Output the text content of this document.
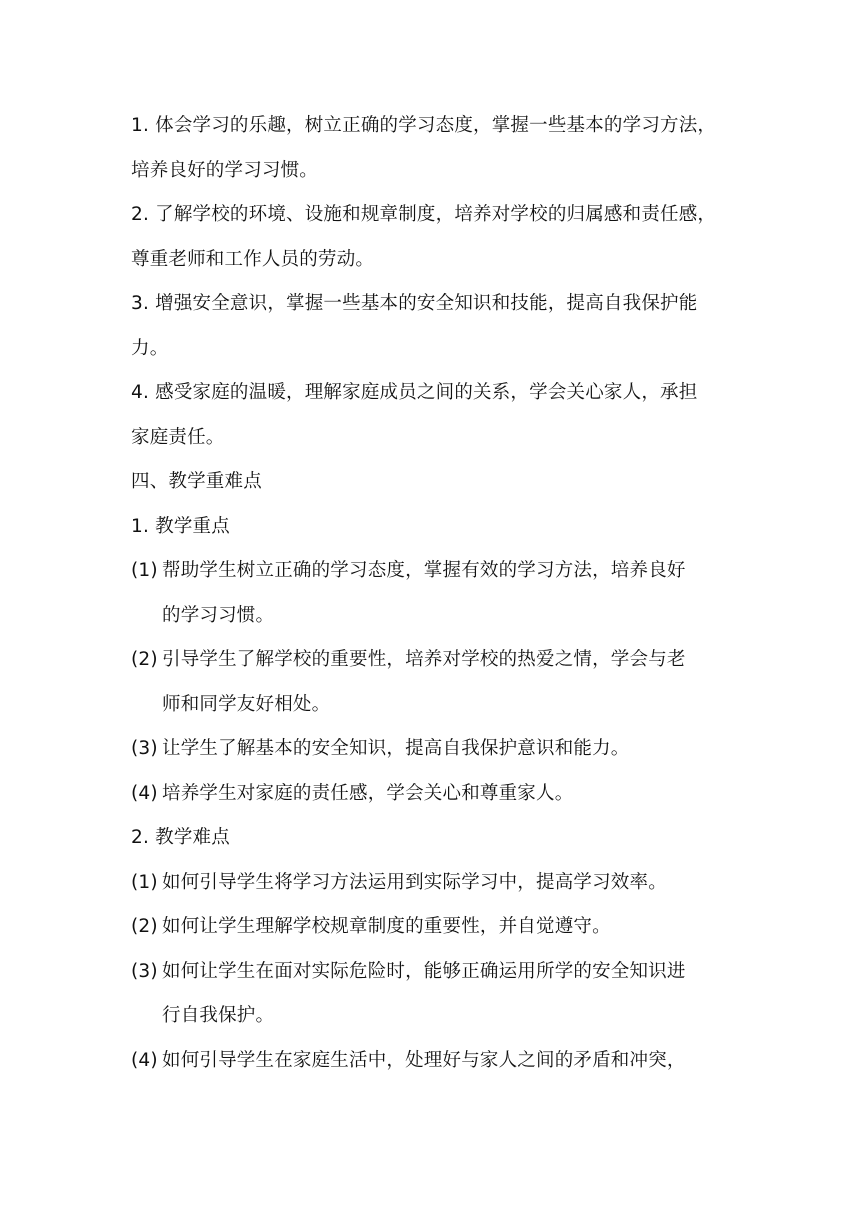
1. 体会学习的乐趣，树立正确的学习态度，掌握一些基本的学习方法，
培养良好的学习习惯。
2. 了解学校的环境、设施和规章制度，培养对学校的归属感和责任感，
尊重老师和工作人员的劳动。
3. 增强安全意识，掌握一些基本的安全知识和技能，提高自我保护能
力。
4. 感受家庭的温暖，理解家庭成员之间的关系，学会关心家人，承担
家庭责任。
四、教学重难点
1. 教学重点
(1) 帮助学生树立正确的学习态度，掌握有效的学习方法，培养良好
的学习习惯。
(2) 引导学生了解学校的重要性，培养对学校的热爱之情，学会与老
师和同学友好相处。
(3) 让学生了解基本的安全知识，提高自我保护意识和能力。
(4) 培养学生对家庭的责任感，学会关心和尊重家人。
2. 教学难点
(1) 如何引导学生将学习方法运用到实际学习中，提高学习效率。
(2) 如何让学生理解学校规章制度的重要性，并自觉遵守。
(3) 如何让学生在面对实际危险时，能够正确运用所学的安全知识进
行自我保护。
(4) 如何引导学生在家庭生活中，处理好与家人之间的矛盾和冲突，
